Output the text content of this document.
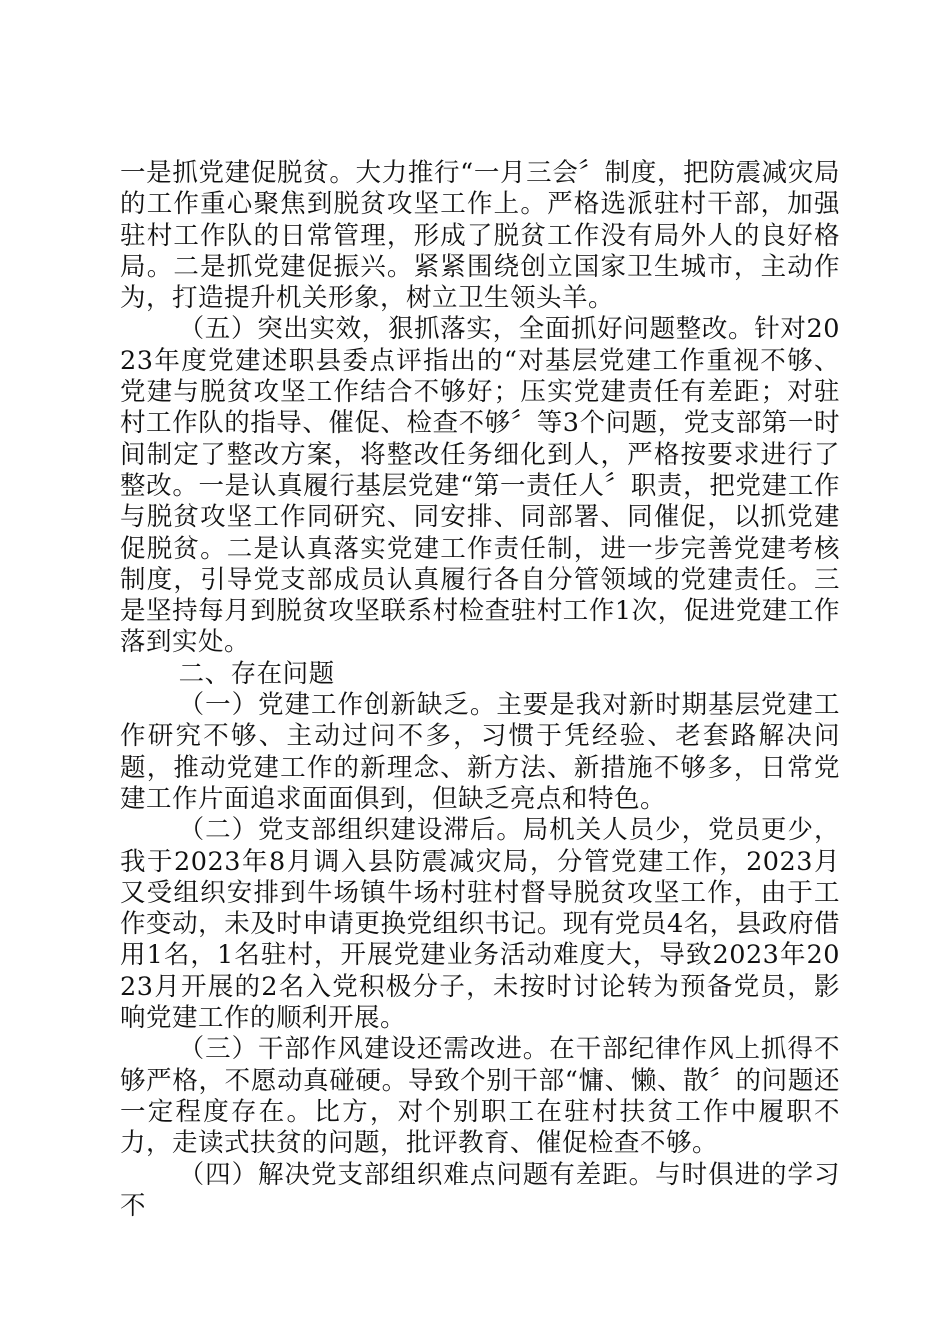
一是抓党建促脱贫。大力推行“一月三会〞制度，把防震减灾局的工作重心聚焦到脱贫攻坚工作上。严格选派驻村干部，加强驻村工作队的日常管理，形成了脱贫工作没有局外人的良好格局。二是抓党建促振兴。紧紧围绕创立国家卫生城市，主动作为，打造提升机关形象，树立卫生领头羊。

（五）突出实效，狠抓落实，全面抓好问题整改。针对2023年度党建述职县委点评指出的“对基层党建工作重视不够、党建与脱贫攻坚工作结合不够好；压实党建责任有差距；对驻村工作队的指导、催促、检查不够〞等3个问题，党支部第一时间制定了整改方案，将整改任务细化到人，严格按要求进行了整改。一是认真履行基层党建“第一责任人〞职责，把党建工作与脱贫攻坚工作同研究、同安排、同部署、同催促，以抓党建促脱贫。二是认真落实党建工作责任制，进一步完善党建考核制度，引导党支部成员认真履行各自分管领域的党建责任。三是坚持每月到脱贫攻坚联系村检查驻村工作1次，促进党建工作落到实处。

二、存在问题

（一）党建工作创新缺乏。主要是我对新时期基层党建工作研究不够、主动过问不多，习惯于凭经验、老套路解决问题，推动党建工作的新理念、新方法、新措施不够多，日常党建工作片面追求面面俱到，但缺乏亮点和特色。

（二）党支部组织建设滞后。局机关人员少，党员更少，我于2023年8月调入县防震减灾局，分管党建工作，2023月又受组织安排到牛场镇牛场村驻村督导脱贫攻坚工作，由于工作变动，未及时申请更换党组织书记。现有党员4名，县政府借用1名，1名驻村，开展党建业务活动难度大，导致2023年2023月开展的2名入党积极分子，未按时讨论转为预备党员，影响党建工作的顺利开展。

（三）干部作风建设还需改进。在干部纪律作风上抓得不够严格，不愿动真碰硬。导致个别干部“慵、懒、散〞的问题还一定程度存在。比方，对个别职工在驻村扶贫工作中履职不力，走读式扶贫的问题，批评教育、催促检查不够。

（四）解决党支部组织难点问题有差距。与时俱进的学习不
